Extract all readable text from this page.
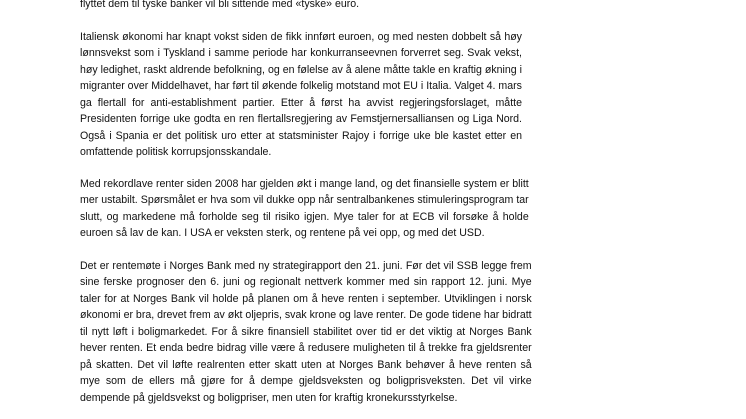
flyttet dem til tyske banker vil bli sittende med «tyske» euro.

Italiensk økonomi har knapt vokst siden de fikk innført euroen, og med nesten dobbelt så høy
lønnsvekst som i Tyskland i samme periode har konkurranseevnen forverret seg. Svak vekst,
høy ledighet, raskt aldrende befolkning, og en følelse av å alene måtte takle en kraftig økning i
migranter over Middelhavet, har ført til økende folkelig motstand mot EU i Italia. Valget 4. mars
ga flertall for anti-establishment partier. Etter å først ha avvist regjeringsforslaget, måtte
Presidenten forrige uke godta en ren flertallsregjering av Femstjernersalliansen og Liga Nord.
Også i Spania er det politisk uro etter at statsminister Rajoy i forrige uke ble kastet etter en
omfattende politisk korrupsjonsskandale.

Med rekordlave renter siden 2008 har gjelden økt i mange land, og det finansielle system er blitt
mer ustabilt. Spørsmålet er hva som vil dukke opp når sentralbankenes stimuleringsprogram tar
slutt, og markedene må forholde seg til risiko igjen. Mye taler for at ECB vil forsøke å holde
euroen så lav de kan. I USA er veksten sterk, og rentene på vei opp, og med det USD.

Det er rentemøte i Norges Bank med ny strategirapport den 21. juni. Før det vil SSB legge frem
sine ferske prognoser den 6. juni og regionalt nettverk kommer med sin rapport 12. juni. Mye
taler for at Norges Bank vil holde på planen om å heve renten i september. Utviklingen i norsk
økonomi er bra, drevet frem av økt oljepris, svak krone og lave renter. De gode tidene har bidratt
til nytt løft i boligmarkedet. For å sikre finansiell stabilitet over tid er det viktig at Norges Bank
hever renten. Et enda bedre bidrag ville være å redusere muligheten til å trekke fra gjeldsrenter
på skatten. Det vil løfte realrenten etter skatt uten at Norges Bank behøver å heve renten så
mye som de ellers må gjøre for å dempe gjeldsveksten og boligprisveksten. Det vil virke
dempende på gjeldsvekst og boligpriser, men uten for kraftig kronekursstyrkelse.
